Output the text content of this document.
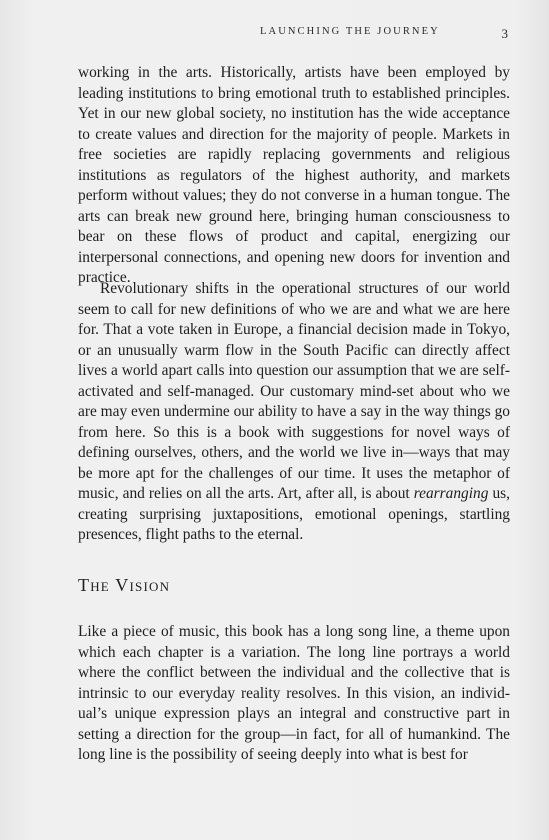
LAUNCHING THE JOURNEY	3

working in the arts. Historically, artists have been employed by leading institutions to bring emotional truth to established principles. Yet in our new global society, no institution has the wide acceptance to create values and direction for the majority of people. Markets in free societies are rapidly replacing governments and religious institutions as regulators of the highest authority, and markets perform without values; they do not converse in a human tongue. The arts can break new ground here, bringing human consciousness to bear on these flows of product and capital, energizing our interpersonal connections, and opening new doors for invention and practice.

Revolutionary shifts in the operational structures of our world seem to call for new definitions of who we are and what we are here for. That a vote taken in Europe, a financial decision made in Tokyo, or an unusually warm flow in the South Pacific can directly affect lives a world apart calls into question our assumption that we are self-activated and self-managed. Our customary mind-set about who we are may even undermine our ability to have a say in the way things go from here. So this is a book with suggestions for novel ways of defining ourselves, others, and the world we live in—ways that may be more apt for the challenges of our time. It uses the metaphor of music, and relies on all the arts. Art, after all, is about rearranging us, creating surprising juxtapositions, emotional openings, startling presences, flight paths to the eternal.

The Vision

Like a piece of music, this book has a long song line, a theme upon which each chapter is a variation. The long line portrays a world where the conflict between the individual and the collective that is intrinsic to our everyday reality resolves. In this vision, an individual’s unique expression plays an integral and constructive part in setting a direction for the group—in fact, for all of humankind. The long line is the possibility of seeing deeply into what is best for
